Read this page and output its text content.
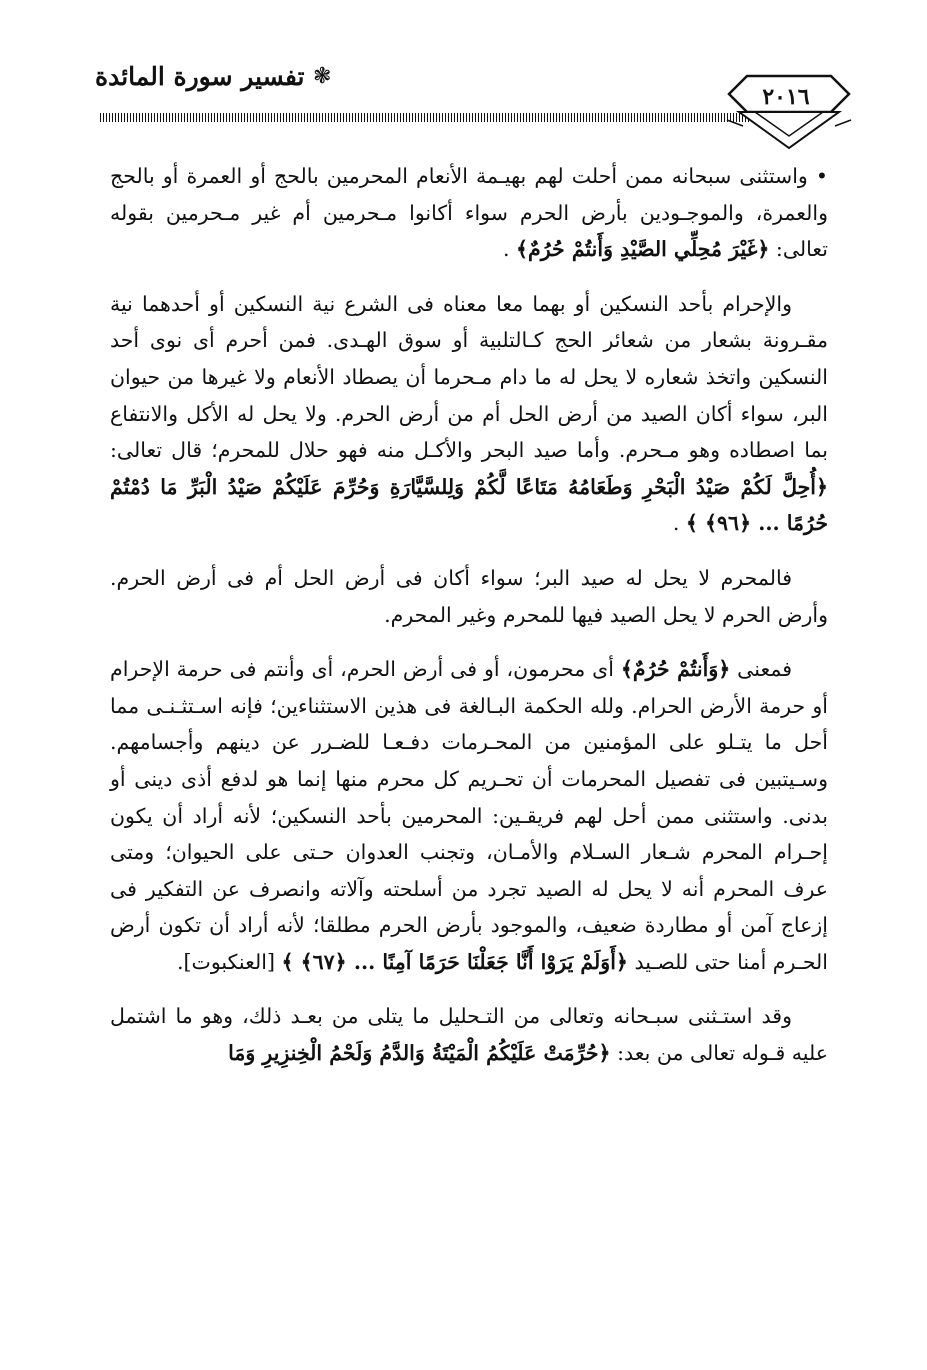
تفسير سورة المائدة ❃
٢٠١٦

• واستثنى سبحانه ممن أحلت لهم بهيـمة الأنعام المحرمين بالحج أو العمرة أو بالحج والعمرة، والموجـودين بأرض الحرم سواء أكانوا مـحرمين أم غير مـحرمين بقوله تعالى: ﴿غَيْرَ مُحِلِّي الصَّيْدِ وَأَنتُمْ حُرُمٌ﴾ .

والإحرام بأحد النسكين أو بهما معا معناه فى الشرع نية النسكين أو أحدهما نية مقـرونة بشعار من شعائر الحج كـالتلبية أو سوق الهـدى. فمن أحرم أى نوى أحد النسكين واتخذ شعاره لا يحل له ما دام مـحرما أن يصطاد الأنعام ولا غيرها من حيوان البر، سواء أكان الصيد من أرض الحل أم من أرض الحرم. ولا يحل له الأكل والانتفاع بما اصطاده وهو مـحرم. وأما صيد البحر والأكـل منه فهو حلال للمحرم؛ قال تعالى: ﴿أُحِلَّ لَكُمْ صَيْدُ الْبَحْرِ وَطَعَامُهُ مَتَاعًا لَّكُمْ وَلِلسَّيَّارَةِ وَحُرِّمَ عَلَيْكُمْ صَيْدُ الْبَرِّ مَا دُمْتُمْ حُرُمًا ... ﴿٩٦﴾ ﴾ .

فالمحرم لا يحل له صيد البر؛ سواء أكان فى أرض الحل أم فى أرض الحرم. وأرض الحرم لا يحل الصيد فيها للمحرم وغير المحرم.

فمعنى ﴿وَأَنتُمْ حُرُمٌ﴾ أى محرمون، أو فى أرض الحرم، أى وأنتم فى حرمة الإحرام أو حرمة الأرض الحرام. ولله الحكمة البـالغة فى هذين الاستثناءين؛ فإنه اسـتثـنـى مما أحل ما يتـلو على المؤمنين من المحـرمات دفـعـا للضـرر عن دينهم وأجسامهم. وسـيتبين فى تفصيل المحرمات أن تحـريم كل محرم منها إنما هو لدفع أذى دينى أو بدنى. واستثنى ممن أحل لهم فريقـين: المحرمين بأحد النسكين؛ لأنه أراد أن يكون إحـرام المحرم شـعار السـلام والأمـان، وتجنب العدوان حـتى على الحيوان؛ ومتى عرف المحرم أنه لا يحل له الصيد تجرد من أسلحته وآلاته وانصرف عن التفكير فى إزعاج آمن أو مطاردة ضعيف، والموجود بأرض الحرم مطلقا؛ لأنه أراد أن تكون أرض الحـرم أمنا حتى للصـيد ﴿أَوَلَمْ يَرَوْا أَنَّا جَعَلْنَا حَرَمًا آمِنًا ... ﴿٦٧﴾ ﴾ [العنكبوت].

وقد استـثنى سبـحانه وتعالى من التـحليل ما يتلى من بعـد ذلك، وهو ما اشتمل عليه قـوله تعالى من بعد: ﴿حُرِّمَتْ عَلَيْكُمُ الْمَيْتَةُ وَالدَّمُ وَلَحْمُ الْخِنزِيرِ وَمَا
